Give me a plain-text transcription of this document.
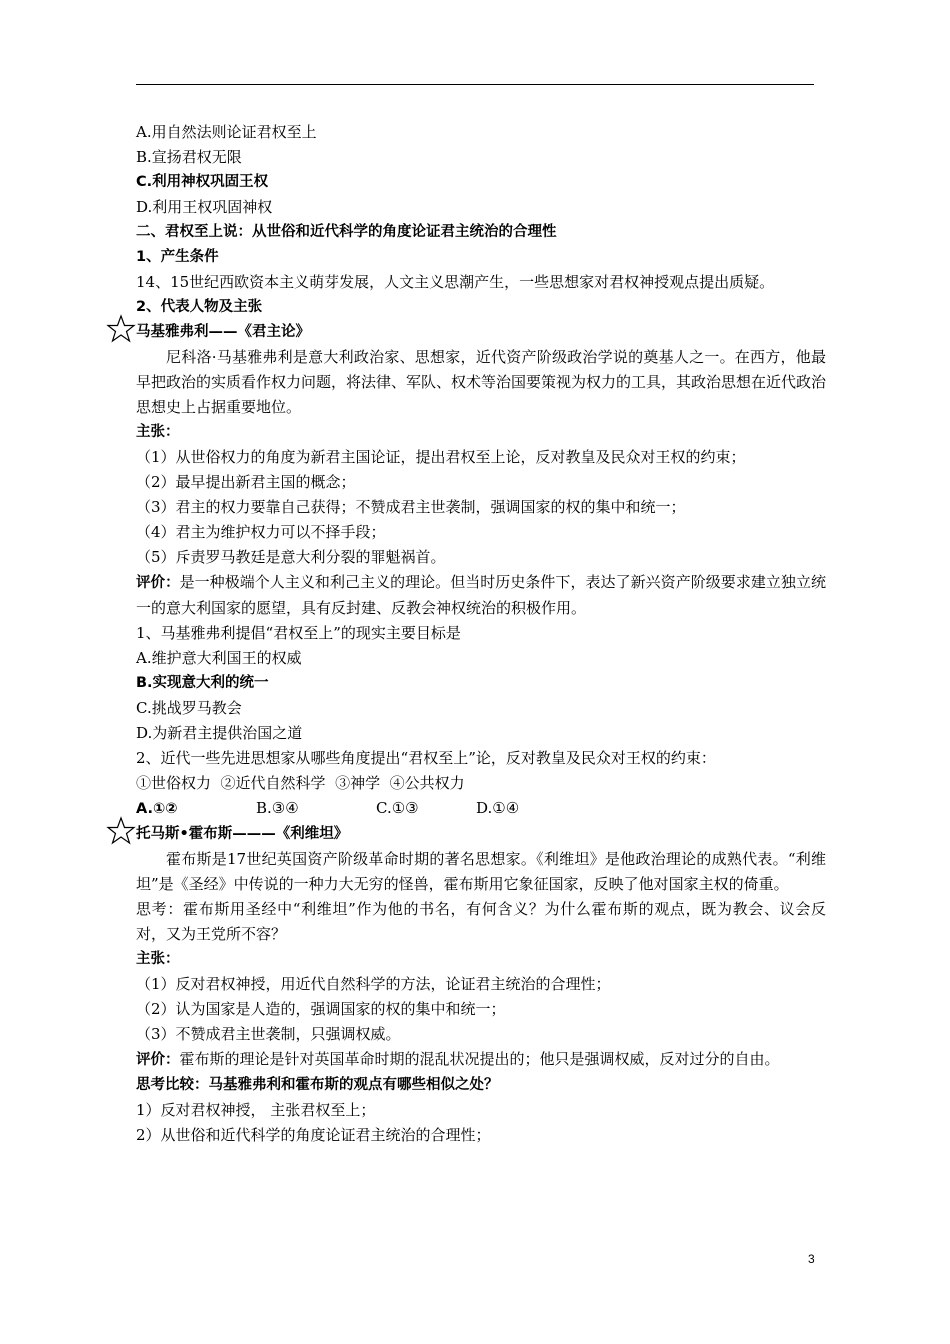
A.用自然法则论证君权至上
B.宣扬君权无限
C.利用神权巩固王权
D.利用王权巩固神权
二、君权至上说：从世俗和近代科学的角度论证君主统治的合理性
1、产生条件
14、15世纪西欧资本主义萌芽发展，人文主义思潮产生，一些思想家对君权神授观点提出质疑。
2、代表人物及主张
马基雅弗利——《君主论》
尼科洛·马基雅弗利是意大利政治家、思想家，近代资产阶级政治学说的奠基人之一。在西方，他最早把政治的实质看作权力问题，将法律、军队、权术等治国要策视为权力的工具，其政治思想在近代政治思想史上占据重要地位。
主张：
（1）从世俗权力的角度为新君主国论证，提出君权至上论，反对教皇及民众对王权的约束；
（2）最早提出新君主国的概念；
（3）君主的权力要靠自己获得；不赞成君主世袭制，强调国家的权的集中和统一；
（4）君主为维护权力可以不择手段；
（5）斥责罗马教廷是意大利分裂的罪魁祸首。
评价：是一种极端个人主义和利己主义的理论。但当时历史条件下，表达了新兴资产阶级要求建立独立统一的意大利国家的愿望，具有反封建、反教会神权统治的积极作用。
1、马基雅弗利提倡“君权至上”的现实主要目标是
A.维护意大利国王的权威
B.实现意大利的统一
C.挑战罗马教会
D.为新君主提供治国之道
2、近代一些先进思想家从哪些角度提出“君权至上”论，反对教皇及民众对王权的约束：
①世俗权力  ②近代自然科学  ③神学  ④公共权力
A.①②	B.③④	C.①③	D.①④
托马斯•霍布斯———《利维坦》
霍布斯是17世纪英国资产阶级革命时期的著名思想家。《利维坦》是他政治理论的成熟代表。“利维坦”是《圣经》中传说的一种力大无穷的怪兽，霍布斯用它象征国家，反映了他对国家主权的倚重。
思考：霍布斯用圣经中“利维坦”作为他的书名，有何含义？为什么霍布斯的观点，既为教会、议会反对，又为王党所不容？
主张：
（1）反对君权神授，用近代自然科学的方法，论证君主统治的合理性；
（2）认为国家是人造的，强调国家的权的集中和统一；
（3）不赞成君主世袭制，只强调权威。
评价：霍布斯的理论是针对英国革命时期的混乱状况提出的；他只是强调权威，反对过分的自由。
思考比较：马基雅弗利和霍布斯的观点有哪些相似之处？
1）反对君权神授， 主张君权至上；
2）从世俗和近代科学的角度论证君主统治的合理性；
3
